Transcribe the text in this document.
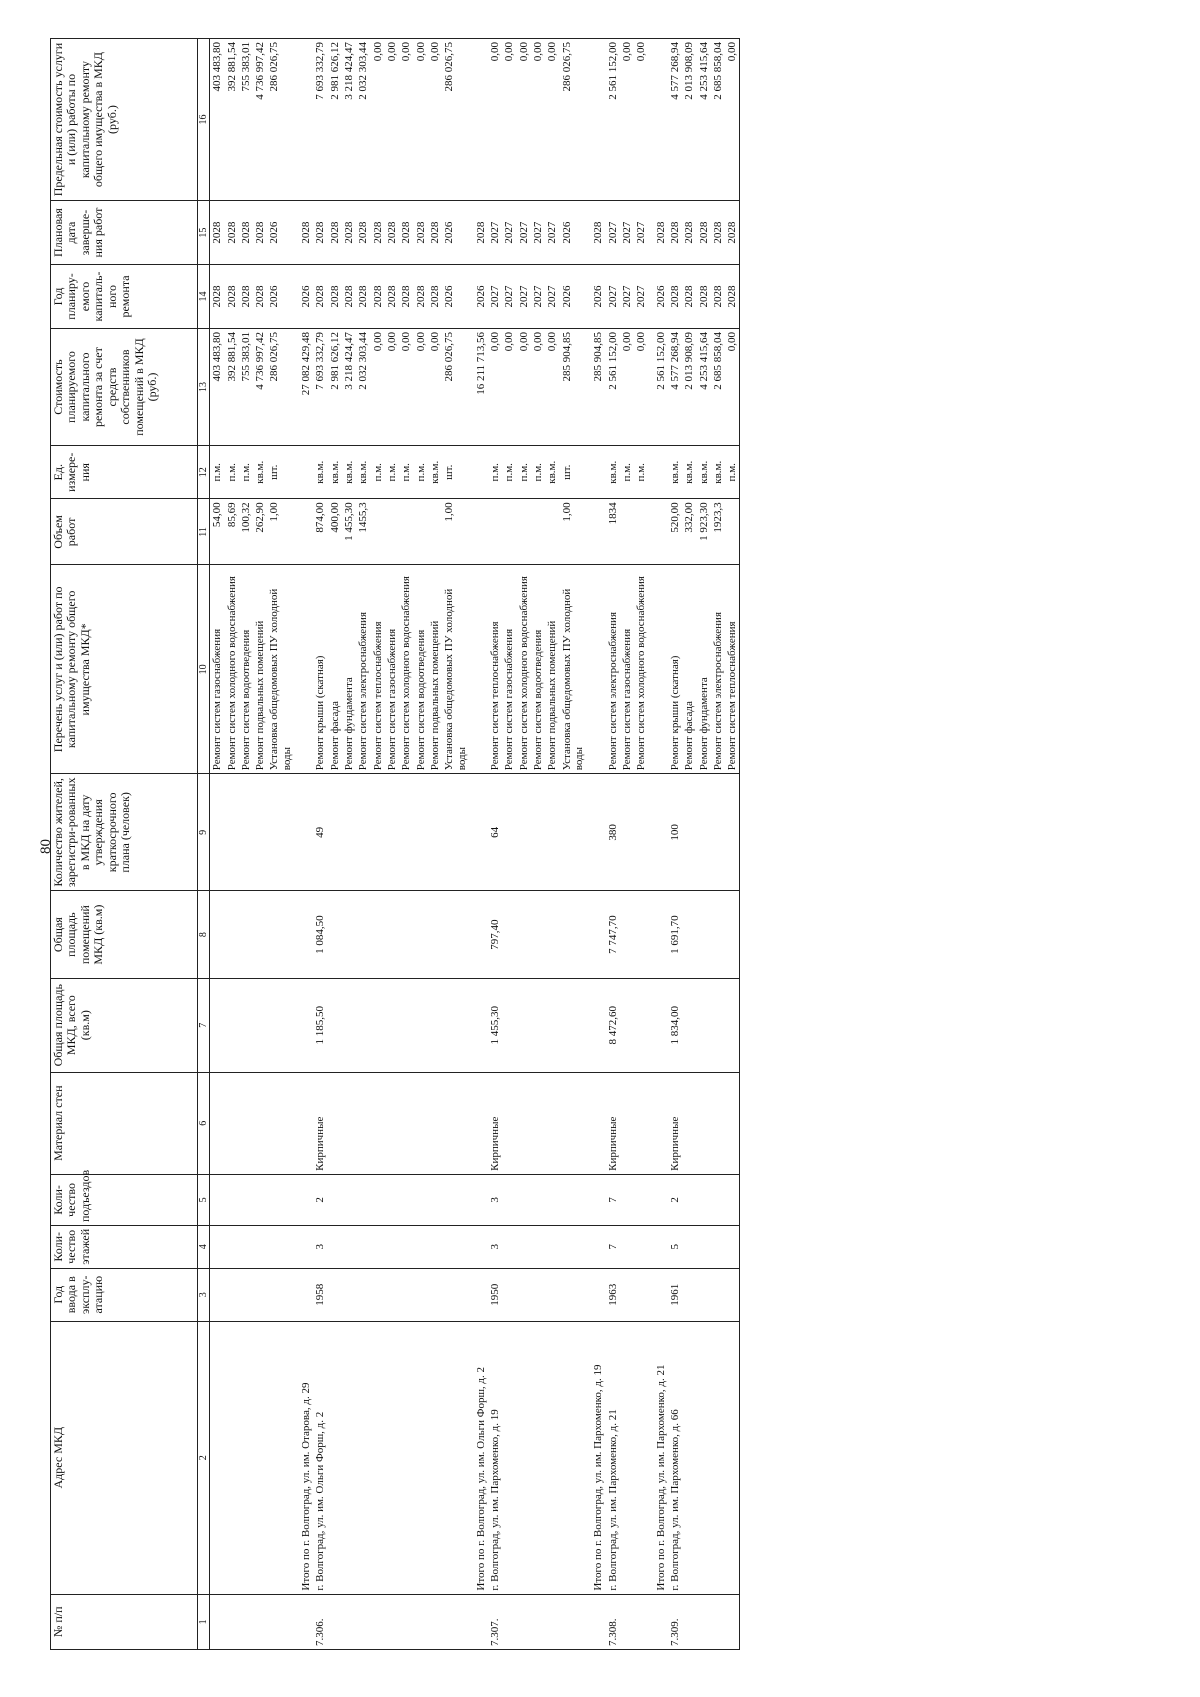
80
№ п/п	Адрес МКД	Год ввода в эксплу-атацию	Коли-чество этажей	Коли-чество подъездов	Материал стен	Общая площадь МКД, всего (кв.м)	Общая площадь помещений МКД (кв.м)	Количество жителей, зарегистри-рованных в МКД на дату утверждения краткосрочного плана (человек)	Перечень услуг и (или) работ по капитальному ремонту общего имущества МКД*	Объем работ	Ед. измере-ния	Стоимость планируемого капитального ремонта за счет средств собственников помещений в МКД (руб.)	Год планиру-емого капиталь-ного ремонта	Плановая дата заверше-ния работ	Предельная стоимость услуги и (или) работы по капитальному ремонту общего имущества в МКД (руб.)
1	2	3	4	5	6	7	8	9	10	11	12	13	14	15	16
									Ремонт систем газоснабжения	54,00	п.м.	403 483,80	2028	2028	403 483,80
									Ремонт систем холодного водоснабжения	85,69	п.м.	392 881,54	2028	2028	392 881,54
									Ремонт систем водоотведения	100,32	п.м.	755 383,01	2028	2028	755 383,01
									Ремонт подвальных помещений	262,90	кв.м.	4 736 997,42	2028	2028	4 736 997,42
									Установка общедомовых ПУ холодной воды	1,00	шт.	286 026,75	2026	2026	286 026,75
	Итого по г. Волгоград, ул. им. Отарова, д. 29											27 082 429,48	2026	2028	
7.306.	г. Волгоград, ул. им. Ольги Форш, д. 2	1958	3	2	Кирпичные	1 185,50	1 084,50	49	Ремонт крыши (скатная)	874,00	кв.м.	7 693 332,79	2028	2028	7 693 332,79
									Ремонт фасада	400,00	кв.м.	2 981 626,12	2028	2028	2 981 626,12
									Ремонт фундамента	1 455,30	кв.м.	3 218 424,47	2028	2028	3 218 424,47
									Ремонт систем электроснабжения	1455,3	кв.м.	2 032 303,44	2028	2028	2 032 303,44
									Ремонт систем теплоснабжения		п.м.	0,00	2028	2028	0,00
									Ремонт систем газоснабжения		п.м.	0,00	2028	2028	0,00
									Ремонт систем холодного водоснабжения		п.м.	0,00	2028	2028	0,00
									Ремонт систем водоотведения		п.м.	0,00	2028	2028	0,00
									Ремонт подвальных помещений		кв.м.	0,00	2028	2028	0,00
									Установка общедомовых ПУ холодной воды	1,00	шт.	286 026,75	2026	2026	286 026,75
	Итого по г. Волгоград, ул. им. Ольги Форш, д. 2											16 211 713,56	2026	2028	
7.307.	г. Волгоград, ул. им. Пархоменко, д. 19	1950	3	3	Кирпичные	1 455,30	797,40	64	Ремонт систем теплоснабжения		п.м.	0,00	2027	2027	0,00
									Ремонт систем газоснабжения		п.м.	0,00	2027	2027	0,00
									Ремонт систем холодного водоснабжения		п.м.	0,00	2027	2027	0,00
									Ремонт систем водоотведения		п.м.	0,00	2027	2027	0,00
									Ремонт подвальных помещений		кв.м.	0,00	2027	2027	0,00
									Установка общедомовых ПУ холодной воды	1,00	шт.	285 904,85	2026	2026	286 026,75
	Итого по г. Волгоград, ул. им. Пархоменко, д. 19											285 904,85	2026	2028	
7.308.	г. Волгоград, ул. им. Пархоменко, д. 21	1963	7	7	Кирпичные	8 472,60	7 747,70	380	Ремонт систем электроснабжения	1834	кв.м.	2 561 152,00	2027	2027	2 561 152,00
									Ремонт систем газоснабжения		п.м.	0,00	2027	2027	0,00
									Ремонт систем холодного водоснабжения		п.м.	0,00	2027	2027	0,00
	Итого по г. Волгоград, ул. им. Пархоменко, д. 21											2 561 152,00	2026	2028	
7.309.	г. Волгоград, ул. им. Пархоменко, д. 66	1961	5	2	Кирпичные	1 834,00	1 691,70	100	Ремонт крыши (скатная)	520,00	кв.м.	4 577 268,94	2028	2028	4 577 268,94
									Ремонт фасада	332,00	кв.м.	2 013 908,09	2028	2028	2 013 908,09
									Ремонт фундамента	1 923,30	кв.м.	4 253 415,64	2028	2028	4 253 415,64
									Ремонт систем электроснабжения	1923,3	кв.м.	2 685 858,04	2028	2028	2 685 858,04
									Ремонт систем теплоснабжения		п.м.	0,00	2028	2028	0,00
